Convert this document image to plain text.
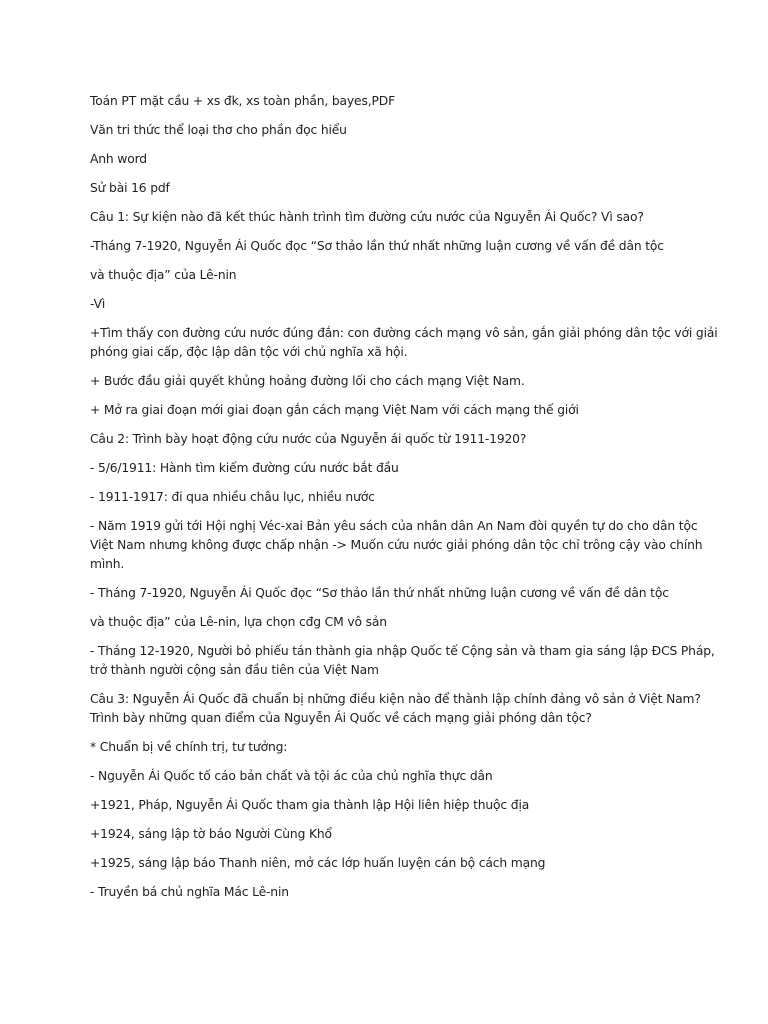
Toán PT mặt cầu + xs đk, xs toàn phần, bayes,PDF
Văn tri thức thể loại thơ cho phần đọc hiểu
Anh word
Sử bài 16 pdf
Câu 1: Sự kiện nào đã kết thúc hành trình tìm đường cứu nước của Nguyễn Ái Quốc? Vì sao?
-Tháng 7-1920, Nguyễn Ái Quốc đọc “Sơ thảo lần thứ nhất những luận cương về vấn đề dân tộc
và thuộc địa” của Lê-nin
-Vì
+Tìm thấy con đường cứu nước đúng đắn: con đường cách mạng vô sản, gắn giải phóng dân tộc với giải
phóng giai cấp, độc lập dân tộc với chủ nghĩa xã hội.
+ Bước đầu giải quyết khủng hoảng đường lối cho cách mạng Việt Nam.
+ Mở ra giai đoạn mới giai đoạn gắn cách mạng Việt Nam với cách mạng thế giới
Câu 2: Trình bày hoạt động cứu nước của Nguyễn ái quốc từ 1911-1920?
- 5/6/1911: Hành tìm kiếm đường cứu nước bắt đầu
- 1911-1917: đi qua nhiều châu lục, nhiều nước
- Năm 1919 gửi tới Hội nghị Véc-xai Bản yêu sách của nhân dân An Nam đòi quyền tự do cho dân tộc
Việt Nam nhưng không được chấp nhận -> Muốn cứu nước giải phóng dân tộc chỉ trông cậy vào chính
mình.
- Tháng 7-1920, Nguyễn Ái Quốc đọc “Sơ thảo lần thứ nhất những luận cương về vấn đề dân tộc
và thuộc địa” của Lê-nin, lựa chọn cđg CM vô sản
- Tháng 12-1920, Người bỏ phiếu tán thành gia nhập Quốc tế Cộng sản và tham gia sáng lập ĐCS Pháp,
trở thành người cộng sản đầu tiên của Việt Nam
Câu 3: Nguyễn Ái Quốc đã chuẩn bị những điều kiện nào để thành lập chính đảng vô sản ở Việt Nam?
Trình bày những quan điểm của Nguyễn Ái Quốc về cách mạng giải phóng dân tộc?
* Chuẩn bị về chính trị, tư tưởng:
- Nguyễn Ái Quốc tố cáo bản chất và tội ác của chủ nghĩa thực dân
+1921, Pháp, Nguyễn Ái Quốc tham gia thành lập Hội liên hiệp thuộc địa
+1924, sáng lập tờ báo Người Cùng Khổ
+1925, sáng lập báo Thanh niên, mở các lớp huấn luyện cán bộ cách mạng
- Truyền bá chủ nghĩa Mác Lê-nin
